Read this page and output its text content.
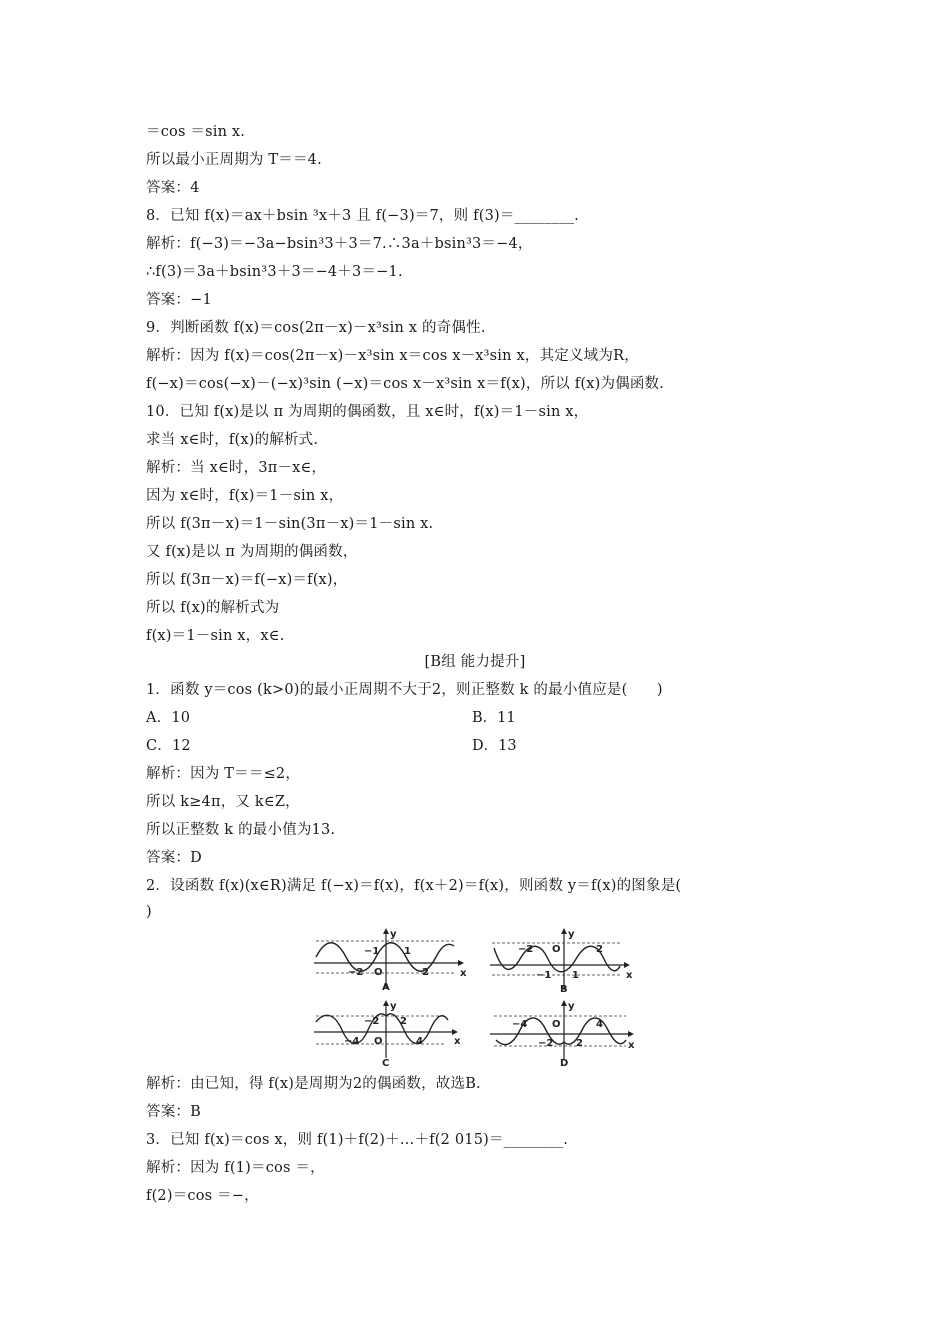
＝cos ＝sin x.
所以最小正周期为 T＝＝4.
答案：4
8．已知 f(x)＝ax＋bsin ³x＋3 且 f(−3)＝7，则 f(3)＝________.
解析：f(−3)＝−3a−bsin³3＋3＝7.∴3a＋bsin³3＝−4，
∴f(3)＝3a＋bsin³3＋3＝−4＋3＝−1.
答案：−1
9．判断函数 f(x)＝cos(2π－x)－x³sin x 的奇偶性.
解析：因为 f(x)＝cos(2π－x)－x³sin x＝cos x－x³sin x，其定义域为R，
f(−x)＝cos(−x)－(−x)³sin (−x)＝cos x－x³sin x＝f(x)，所以 f(x)为偶函数.
10．已知 f(x)是以 π 为周期的偶函数，且 x∈时，f(x)＝1－sin x，
求当 x∈时，f(x)的解析式.
解析：当 x∈时，3π－x∈，
因为 x∈时，f(x)＝1－sin x，
所以 f(3π－x)＝1－sin(3π－x)＝1－sin x.
又 f(x)是以 π 为周期的偶函数，
所以 f(3π－x)＝f(−x)＝f(x)，
所以 f(x)的解析式为
f(x)＝1－sin x，x∈.
[B组 能力提升]
1．函数 y＝cos (k>0)的最小正周期不大于2，则正整数 k 的最小值应是(　　)
A．10	B．11
C．12	D．13
解析：因为 T＝＝≤2，
所以 k≥4π，又 k∈Z，
所以正整数 k 的最小值为13.
答案：D
2．设函数 f(x)(x∈R)满足 f(−x)＝f(x)，f(x＋2)＝f(x)，则函数 y＝f(x)的图象是(
)
−1 1
−2 O	2
y
x
A
−2 O	2
−1 1
y
x
B
−2 2
−4 O	4
y
x
C
−4 O	4
−2 2
y
x
D
解析：由已知，得 f(x)是周期为2的偶函数，故选B.
答案：B
3．已知 f(x)＝cos x，则 f(1)＋f(2)＋…＋f(2 015)＝________.
解析：因为 f(1)＝cos ＝，
f(2)＝cos ＝−，
